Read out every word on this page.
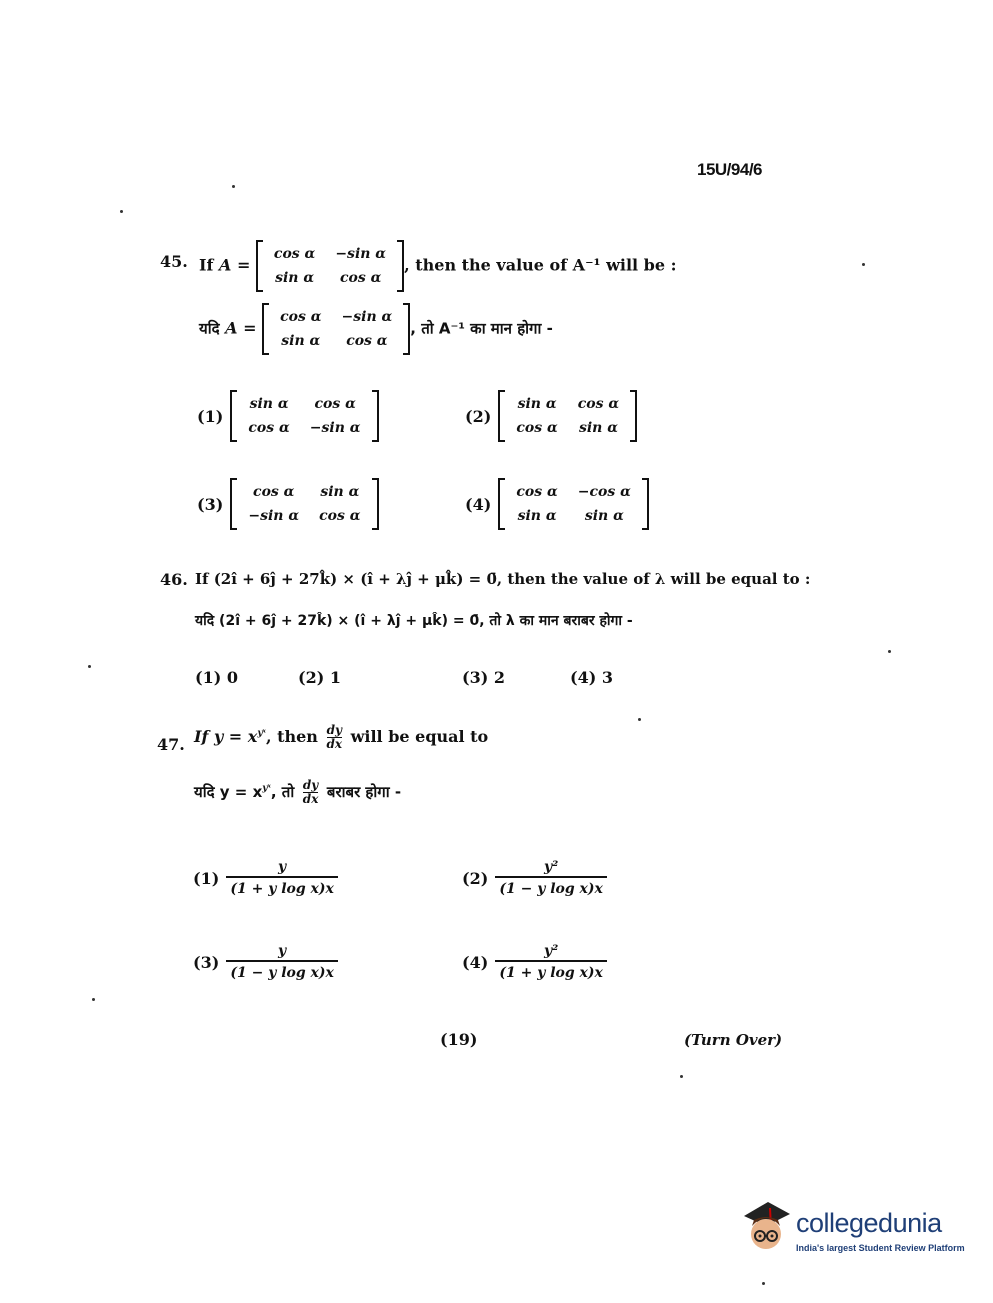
15U/94/6
45. If A =
cos α	−sin α
sin α	cos α
, then the value of A⁻¹ will be :
यदि A =
cos α	−sin α
sin α	cos α
, तो A⁻¹ का मान होगा -
(1)
sin α	cos α
cos α	−sin α
(2)
sin α	cos α
cos α	sin α
(3)
cos α	sin α
−sin α	cos α
(4)
cos α	−cos α
sin α	sin α
46. If (2î + 6ĵ + 27k̂) × (î + λĵ + μk̂) = 0̄, then the value of λ will be equal to :
यदि (2î + 6ĵ + 27k̂) × (î + λĵ + μk̂) = 0̄, तो λ का मान बराबर होगा -
(1) 0	(2) 1	(3) 2	(4) 3
47. If $y = x^{yˣ}$, then $\frac{dy}{dx}$ will be equal to
यदि $y = x^{yˣ}$, तो $\frac{dy}{dx}$ बराबर होगा -
$(1) \frac{y}{\text{(1 + y log x)x}}$	$(2) \frac{\text{y²}}{\text{(1 − y log x)x}}$
$(3) \frac{y}{\text{(1 − y log x)x}}$	$(4) \frac{\text{y²}}{\text{(1 + y log x)x}}$
(19)	(Turn Over)
collegedunia
India's largest Student Review Platform
